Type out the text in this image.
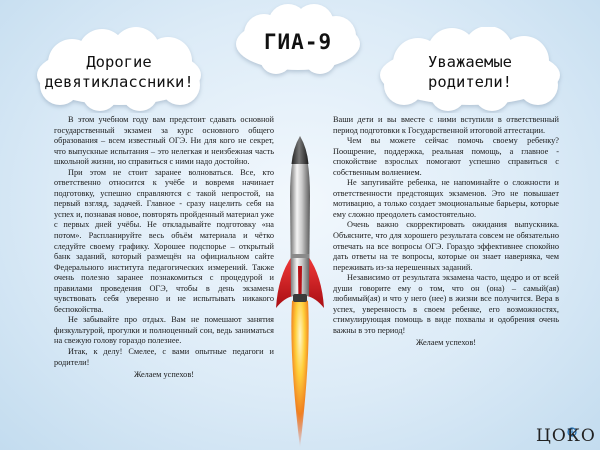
Дорогие
девятиклассники!
ГИА-9
Уважаемые
родители!

В этом учебном году вам предстоит сдавать основной государственный экзамен за курс основного общего образования – всем известный ОГЭ. Ни для кого не секрет, что выпускные испытания – это нелегкая и неизбежная часть школьной жизни, но справиться с ними надо достойно.

При этом не стоит заранее волноваться. Все, кто ответственно относится к учёбе и вовремя начинает подготовку, успешно справляются с такой непростой, на первый взгляд, задачей. Главное - сразу нацелить себя на успех и, познавая новое, повторять пройденный материал уже с первых дней учёбы. Не откладывайте подготовку «на потом». Распланируйте весь объём материала и чётко следуйте своему графику. Хорошее подспорье – открытый банк заданий, который размещён на официальном сайте Федерального института педагогических измерений. Также очень полезно заранее познакомиться с процедурой и правилами проведения ОГЭ, чтобы в день экзамена чувствовать себя уверенно и не испытывать никакого беспокойства.

Не забывайте про отдых. Вам не помешают занятия физкультурой, прогулки и полноценный сон, ведь заниматься на свежую голову гораздо полезнее.

Итак, к делу! Смелее, с вами опытные педагоги и родители!

Желаем успехов!

Ваши дети и вы вместе с ними вступили в ответственный период подготовки к Государственной итоговой аттестации.

Чем вы можете сейчас помочь своему ребенку? Поощрение, поддержка, реальная помощь, а главное - спокойствие взрослых помогают успешно справиться с собственным волнением.

Не запугивайте ребенка, не напоминайте о сложности и ответственности предстоящих экзаменов. Это не повышает мотивацию, а только создает эмоциональные барьеры, которые ему сложно преодолеть самостоятельно.

Очень важно скорректировать ожидания выпускника. Объясните, что для хорошего результата совсем не обязательно отвечать на все вопросы ОГЭ. Гораздо эффективнее спокойно дать ответы на те вопросы, которые он знает наверняка, чем переживать из-за нерешенных заданий.

Независимо от результата экзамена часто, щедро и от всей души говорите ему о том, что он (она) – самый(ая) любимый(ая) и что у него (нее) в жизни все получится. Вера в успех, уверенность в своем ребенке, его возможностях, стимулирующая помощь в виде похвалы и одобрения очень важны в это период!

Желаем успехов!

ЦОКО
